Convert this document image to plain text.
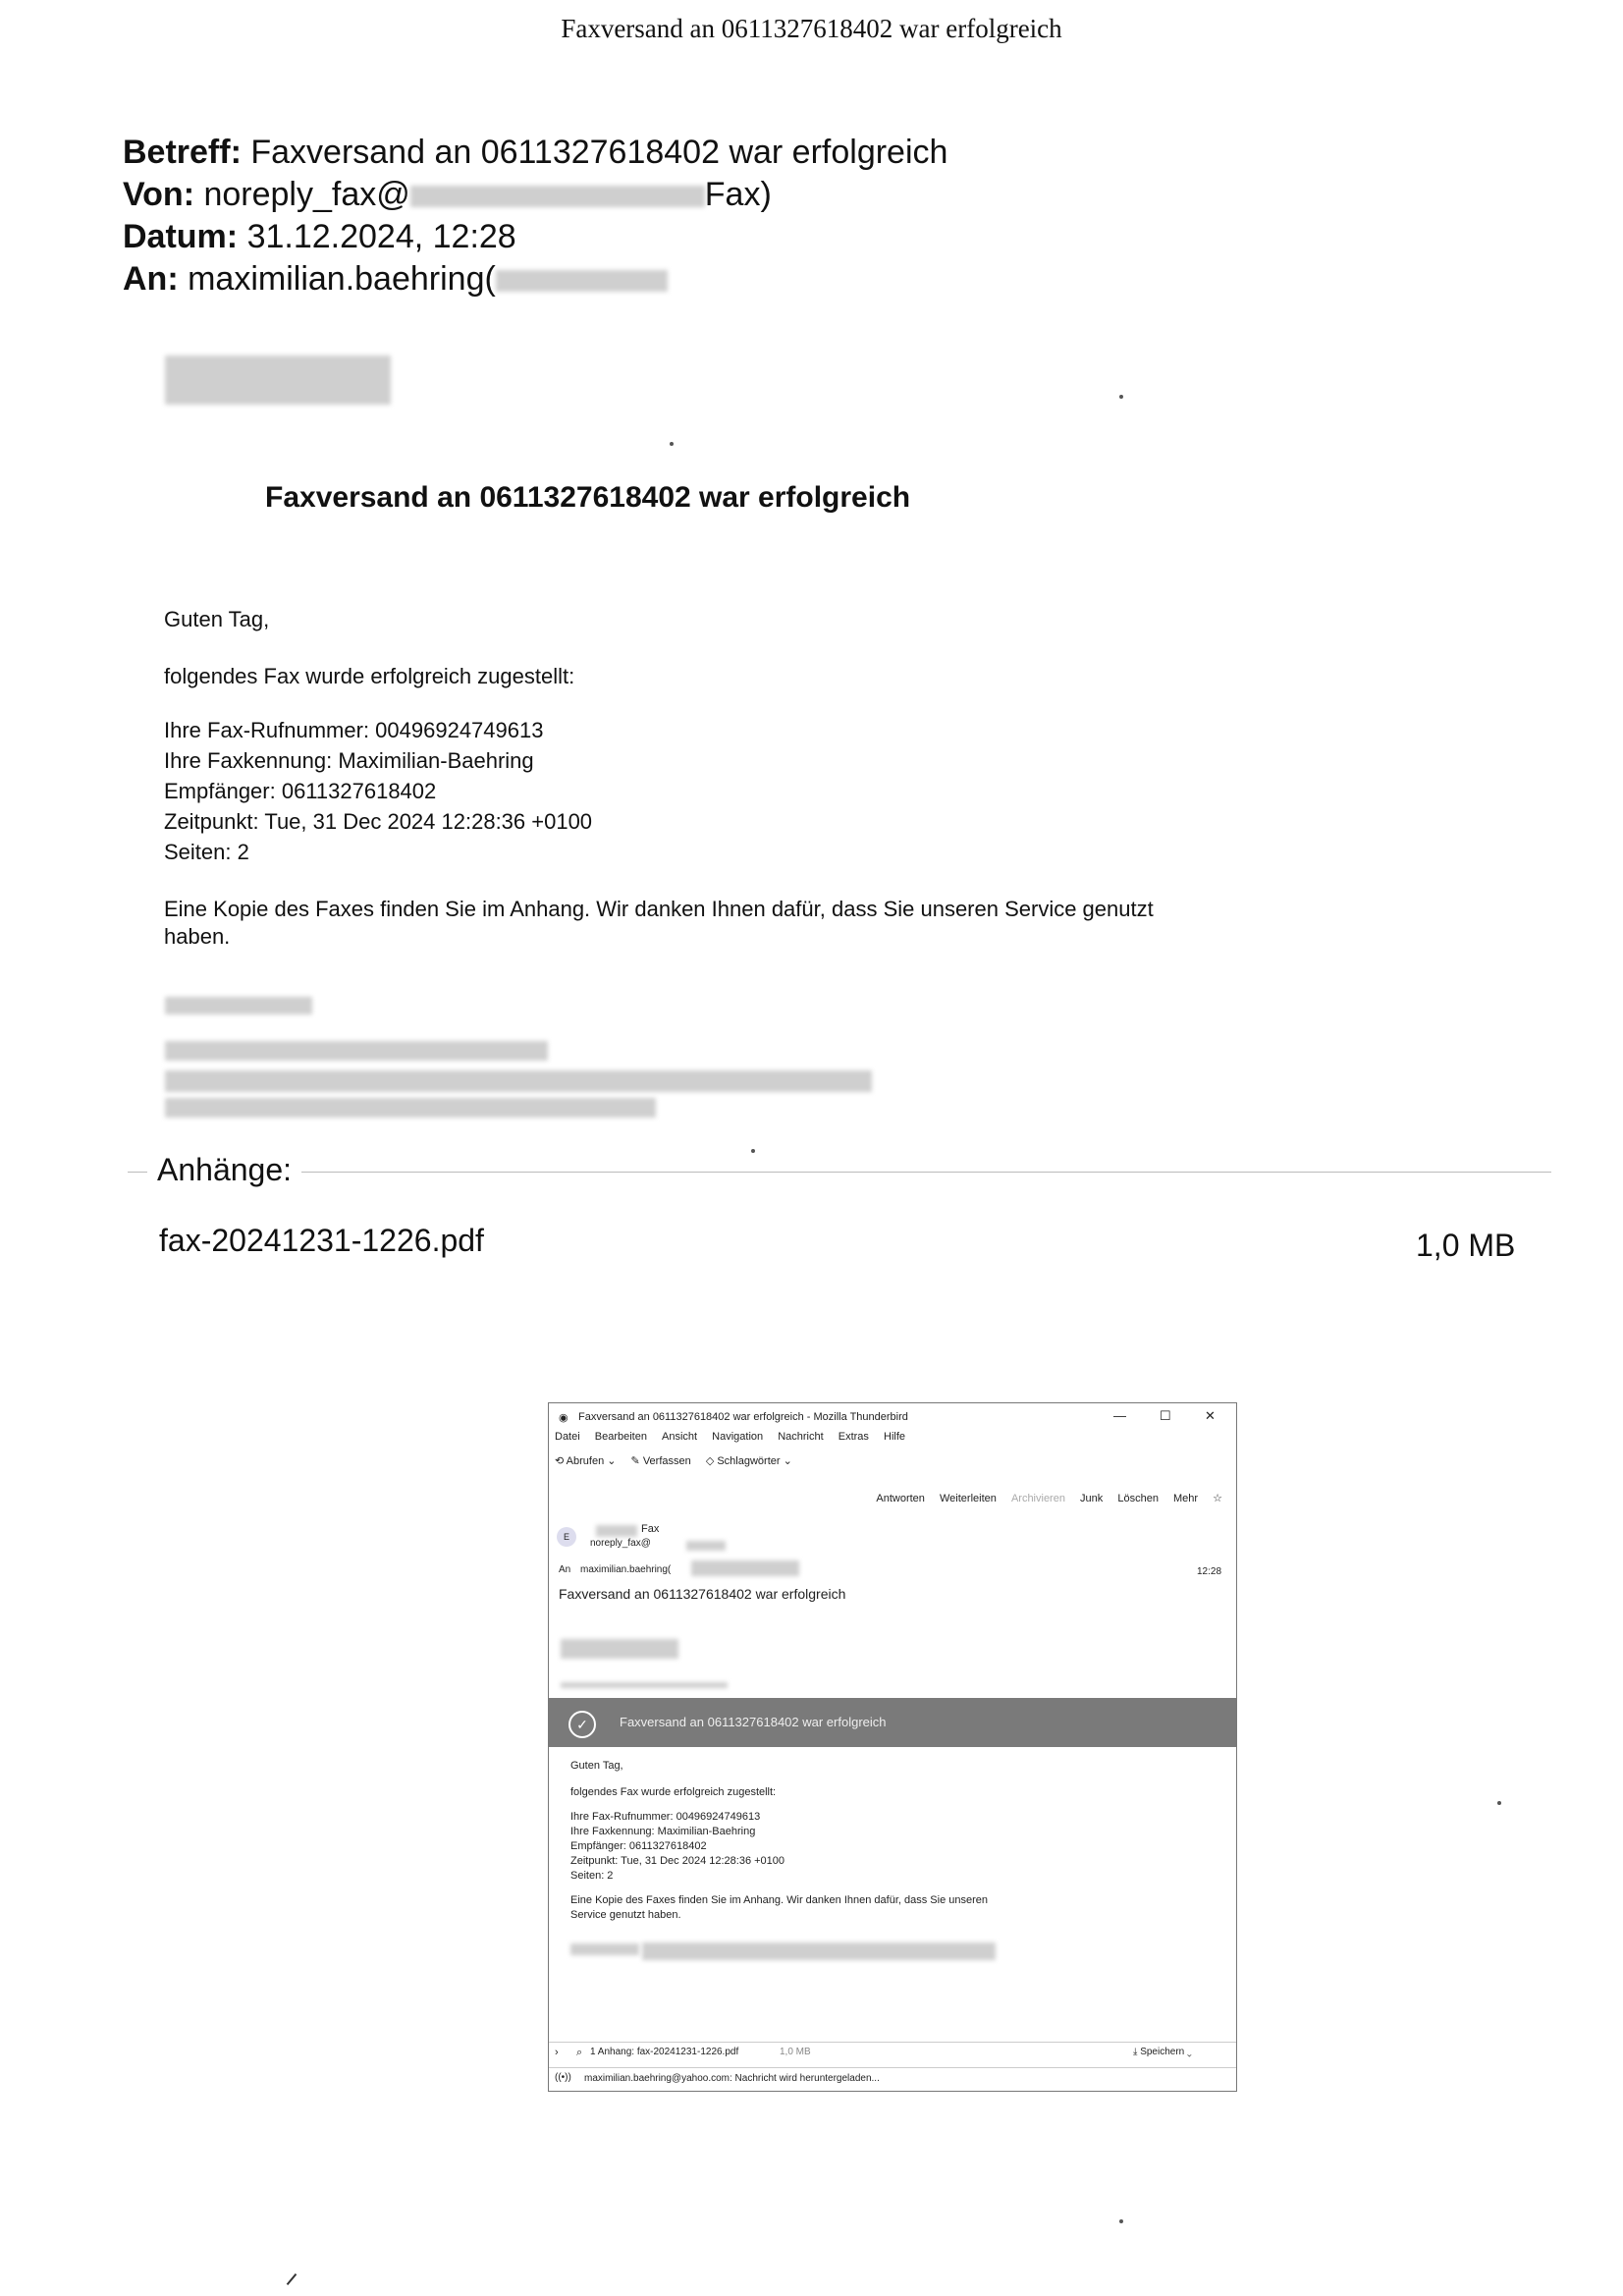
Faxversand an 0611327618402 war erfolgreich
Betreff: Faxversand an 0611327618402 war erfolgreich
Von: noreply_fax@	Fax)
Datum: 31.12.2024, 12:28
An: maximilian.baehring(
Faxversand an 0611327618402 war erfolgreich
Guten Tag,
folgendes Fax wurde erfolgreich zugestellt:
Ihre Fax-Rufnummer: 00496924749613
Ihre Faxkennung: Maximilian-Baehring
Empfänger: 0611327618402
Zeitpunkt: Tue, 31 Dec 2024 12:28:36 +0100
Seiten: 2
Eine Kopie des Faxes finden Sie im Anhang. Wir danken Ihnen dafür, dass Sie unseren Service genutzt
haben.
Anhänge:
fax-20241231-1226.pdf	1,0 MB
◉ Faxversand an 0611327618402 war erfolgreich - Mozilla Thunderbird	—	☐	✕
Datei Bearbeiten Ansicht Navigation Nachricht Extras Hilfe
⟲ Abrufen ⌄ ✎ Verfassen ◇ Schlagwörter ⌄
Antworten Weiterleiten Archivieren Junk Löschen Mehr ☆
E
Fax
noreply_fax@
An maximilian.baehring(	12:28
Faxversand an 0611327618402 war erfolgreich
✓	Faxversand an 0611327618402 war erfolgreich
Guten Tag,
folgendes Fax wurde erfolgreich zugestellt:
Ihre Fax-Rufnummer: 00496924749613
Ihre Faxkennung: Maximilian-Baehring
Empfänger: 0611327618402
Zeitpunkt: Tue, 31 Dec 2024 12:28:36 +0100
Seiten: 2
Eine Kopie des Faxes finden Sie im Anhang. Wir danken Ihnen dafür, dass Sie unseren
Service genutzt haben.

› ⌕ 1 Anhang: fax-20241231-1226.pdf	1,0 MB	⤓ Speichern ⌄
((•)) maximilian.baehring@yahoo.com: Nachricht wird heruntergeladen...
